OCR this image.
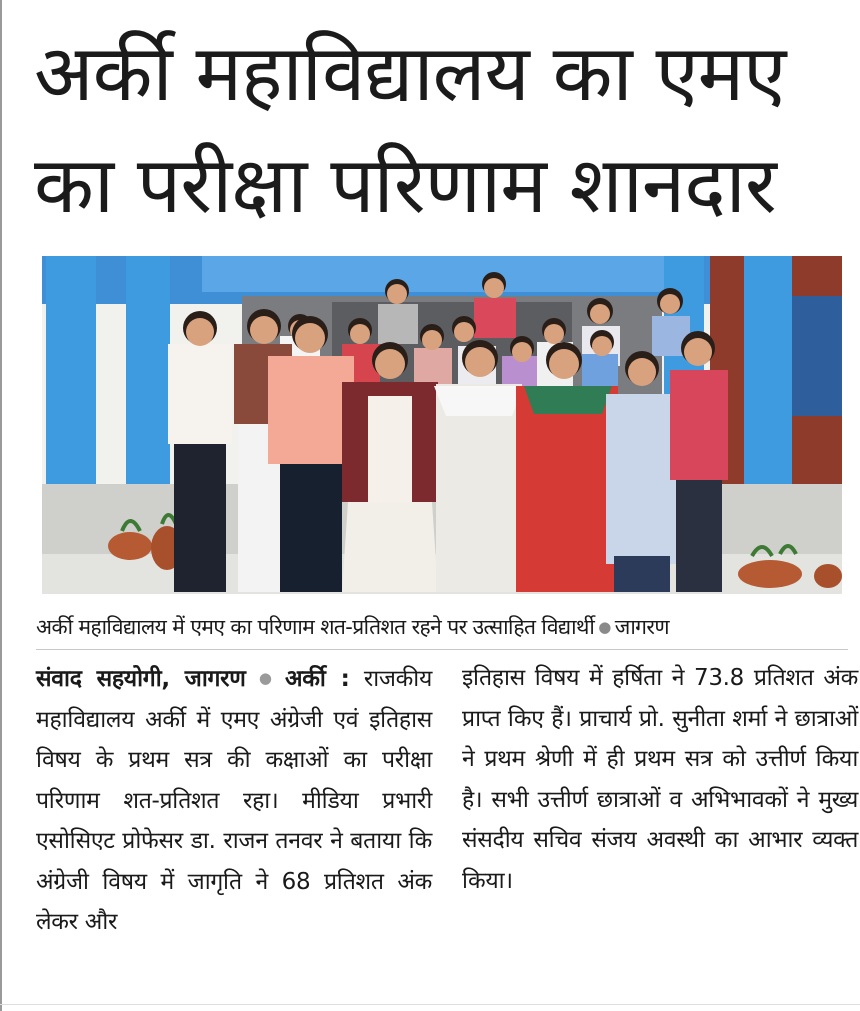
अर्की महाविद्यालय का एमए
का परीक्षा परिणाम शानदार

अर्की महाविद्यालय में एमए का परिणाम शत-प्रतिशत रहने पर उत्साहित विद्यार्थी ● जागरण

संवाद सहयोगी, जागरण ● अर्की : राजकीय महाविद्यालय अर्की में एमए अंग्रेजी एवं इतिहास विषय के प्रथम सत्र की कक्षाओं का परीक्षा परिणाम शत-प्रतिशत रहा। मीडिया प्रभारी एसोसिएट प्रोफेसर डा. राजन तनवर ने बताया कि अंग्रेजी विषय में जागृति ने 68 प्रतिशत अंक लेकर और

इतिहास विषय में हर्षिता ने 73.8 प्रतिशत अंक प्राप्त किए हैं। प्राचार्य प्रो. सुनीता शर्मा ने छात्राओं ने प्रथम श्रेणी में ही प्रथम सत्र को उत्तीर्ण किया है। सभी उत्तीर्ण छात्राओं व अभिभावकों ने मुख्य संसदीय सचिव संजय अवस्थी का आभार व्यक्त किया।
